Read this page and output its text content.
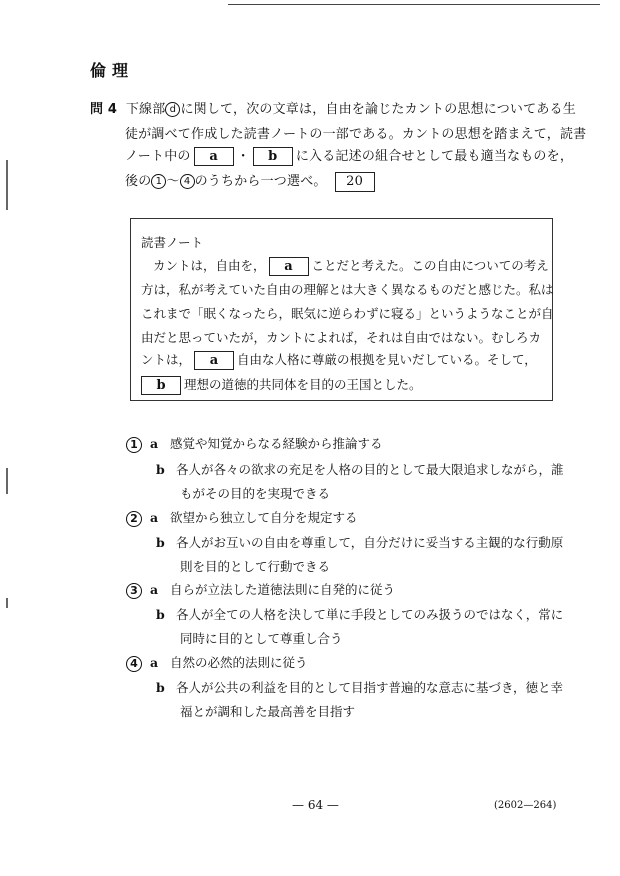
倫理
問 4 下線部 d に関して，次の文章は，自由を論じたカントの思想についてある生
徒が調べて作成した読書ノートの一部である。カントの思想を踏まえて，読書
ノート中の a ・ b に入る記述の組合せとして最も適当なものを，
後の 1 ～ 4 のうちから一つ選べ。 20
読書ノート
カントは，自由を， a ことだと考えた。この自由についての考え
方は，私が考えていた自由の理解とは大きく異なるものだと感じた。私は
これまで「眠くなったら，眠気に逆らわずに寝る」というようなことが自
由だと思っていたが，カントによれば，それは自由ではない。むしろカ
ントは， a 自由な人格に尊厳の根拠を見いだしている。そして，
b 理想の道徳的共同体を目的の王国とした。
1 a 感覚や知覚からなる経験から推論する
b 各人が各々の欲求の充足を人格の目的として最大限追求しながら，誰
もがその目的を実現できる
2 a 欲望から独立して自分を規定する
b 各人がお互いの自由を尊重して，自分だけに妥当する主観的な行動原
則を目的として行動できる
3 a 自らが立法した道徳法則に自発的に従う
b 各人が全ての人格を決して単に手段としてのみ扱うのではなく，常に
同時に目的として尊重し合う
4 a 自然の必然的法則に従う
b 各人が公共の利益を目的として目指す普遍的な意志に基づき，徳と幸
福とが調和した最高善を目指す
— 64 —	(2602—264)
